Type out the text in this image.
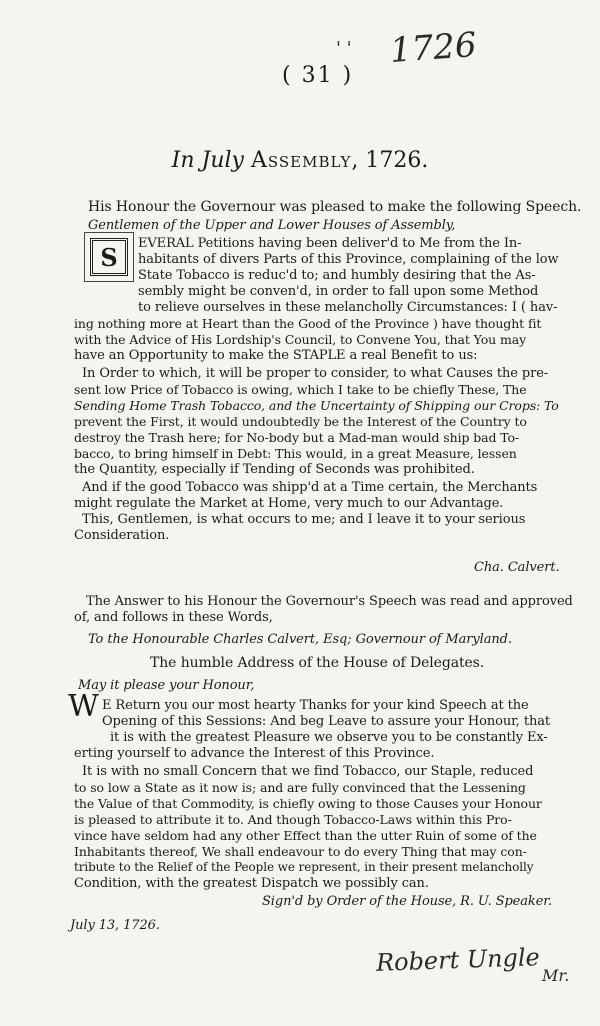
' ' 1726
( 31 )
In July Assembly, 1726.
His Honour the Governour was pleased to make the following Speech.
Gentlemen of the Upper and Lower Houses of Assembly,
S	EVERAL Petitions having been deliver'd to Me from the In-
habitants of divers Parts of this Province, complaining of the low
State Tobacco is reduc'd to; and humbly desiring that the As-
sembly might be conven'd, in order to fall upon some Method
to relieve ourselves in these melancholly Circumstances: I ( hav-
ing nothing more at Heart than the Good of the Province ) have thought fit
with the Advice of His Lordship's Council, to Convene You, that You may
have an Opportunity to make the STAPLE a real Benefit to us:
In Order to which, it will be proper to consider, to what Causes the pre-
sent low Price of Tobacco is owing, which I take to be chiefly These, The
Sending Home Trash Tobacco, and the Uncertainty of Shipping our Crops: To
prevent the First, it would undoubtedly be the Interest of the Country to
destroy the Trash here; for No-body but a Mad-man would ship bad To-
bacco, to bring himself in Debt: This would, in a great Measure, lessen
the Quantity, especially if Tending of Seconds was prohibited.
And if the good Tobacco was shipp'd at a Time certain, the Merchants
might regulate the Market at Home, very much to our Advantage.
This, Gentlemen, is what occurs to me; and I leave it to your serious
Consideration.
Cha. Calvert.
The Answer to his Honour the Governour's Speech was read and approved
of, and follows in these Words,
To the Honourable Charles Calvert, Esq; Governour of Maryland.
The humble Address of the House of Delegates.
May it please your Honour,
W E Return you our most hearty Thanks for your kind Speech at the
Opening of this Sessions: And beg Leave to assure your Honour, that
it is with the greatest Pleasure we observe you to be constantly Ex-
erting yourself to advance the Interest of this Province.
It is with no small Concern that we find Tobacco, our Staple, reduced
to so low a State as it now is; and are fully convinced that the Lessening
the Value of that Commodity, is chiefly owing to those Causes your Honour
is pleased to attribute it to. And though Tobacco-Laws within this Pro-
vince have seldom had any other Effect than the utter Ruin of some of the
Inhabitants thereof, We shall endeavour to do every Thing that may con-
tribute to the Relief of the People we represent, in their present melancholly
Condition, with the greatest Dispatch we possibly can.
Sign'd by Order of the House, R. U. Speaker.
July 13, 1726.
Robert Ungle Mr.
